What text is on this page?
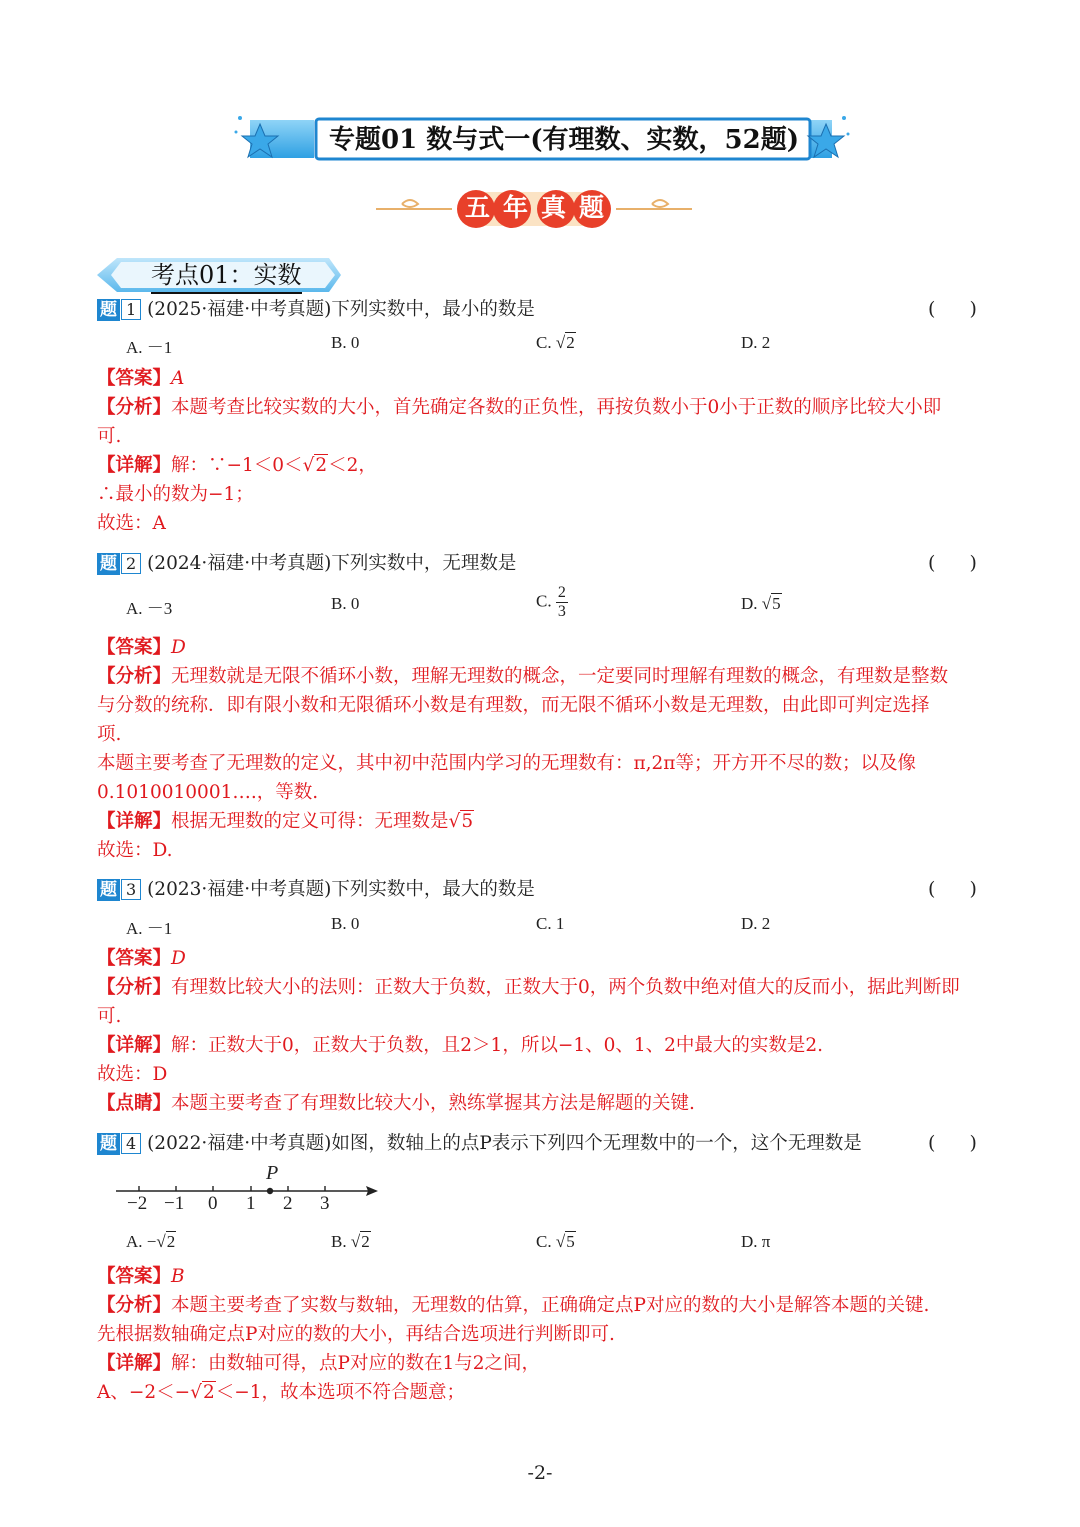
专题01 数与式一(有理数、实数，52题)
五年真题
考点01：实数
题 1 (2025·福建·中考真题)下列实数中，最小的数是	( )
A. －1	B. 0	C. √2	D. 2
【答案】A
【分析】本题考查比较实数的大小，首先确定各数的正负性，再按负数小于0小于正数的顺序比较大小即
可.
【详解】解：∵−1＜0＜√2＜2，
∴最小的数为−1；
故选：A
题 2 (2024·福建·中考真题)下列实数中，无理数是	( )
A. －3	B. 0	C. $\frac{2}{3}$	D. √5
【答案】D
【分析】无理数就是无限不循环小数，理解无理数的概念，一定要同时理解有理数的概念，有理数是整数
与分数的统称．即有限小数和无限循环小数是有理数，而无限不循环小数是无理数，由此即可判定选择
项.
本题主要考查了无理数的定义，其中初中范围内学习的无理数有：π,2π等；开方开不尽的数；以及像
0.1010010001….，等数.
【详解】根据无理数的定义可得：无理数是√5
故选：D.
题 3 (2023·福建·中考真题)下列实数中，最大的数是	( )
A. －1	B. 0	C. 1	D. 2
【答案】D
【分析】有理数比较大小的法则：正数大于负数，正数大于0，两个负数中绝对值大的反而小，据此判断即
可.
【详解】解：正数大于0，正数大于负数，且2＞1，所以−1、0、1、2中最大的实数是2.
故选：D
【点睛】本题主要考查了有理数比较大小，熟练掌握其方法是解题的关键.
题 4 (2022·福建·中考真题)如图，数轴上的点P表示下列四个无理数中的一个，这个无理数是	( )
P
−2 −1 0 1 2 3
A. −√2	B. √2	C. √5	D. π
【答案】B
【分析】本题主要考查了实数与数轴，无理数的估算，正确确定点P对应的数的大小是解答本题的关键.
先根据数轴确定点P对应的数的大小，再结合选项进行判断即可.
【详解】解：由数轴可得，点P对应的数在1与2之间，
A、−2＜−√2＜−1，故本选项不符合题意；
-2-
